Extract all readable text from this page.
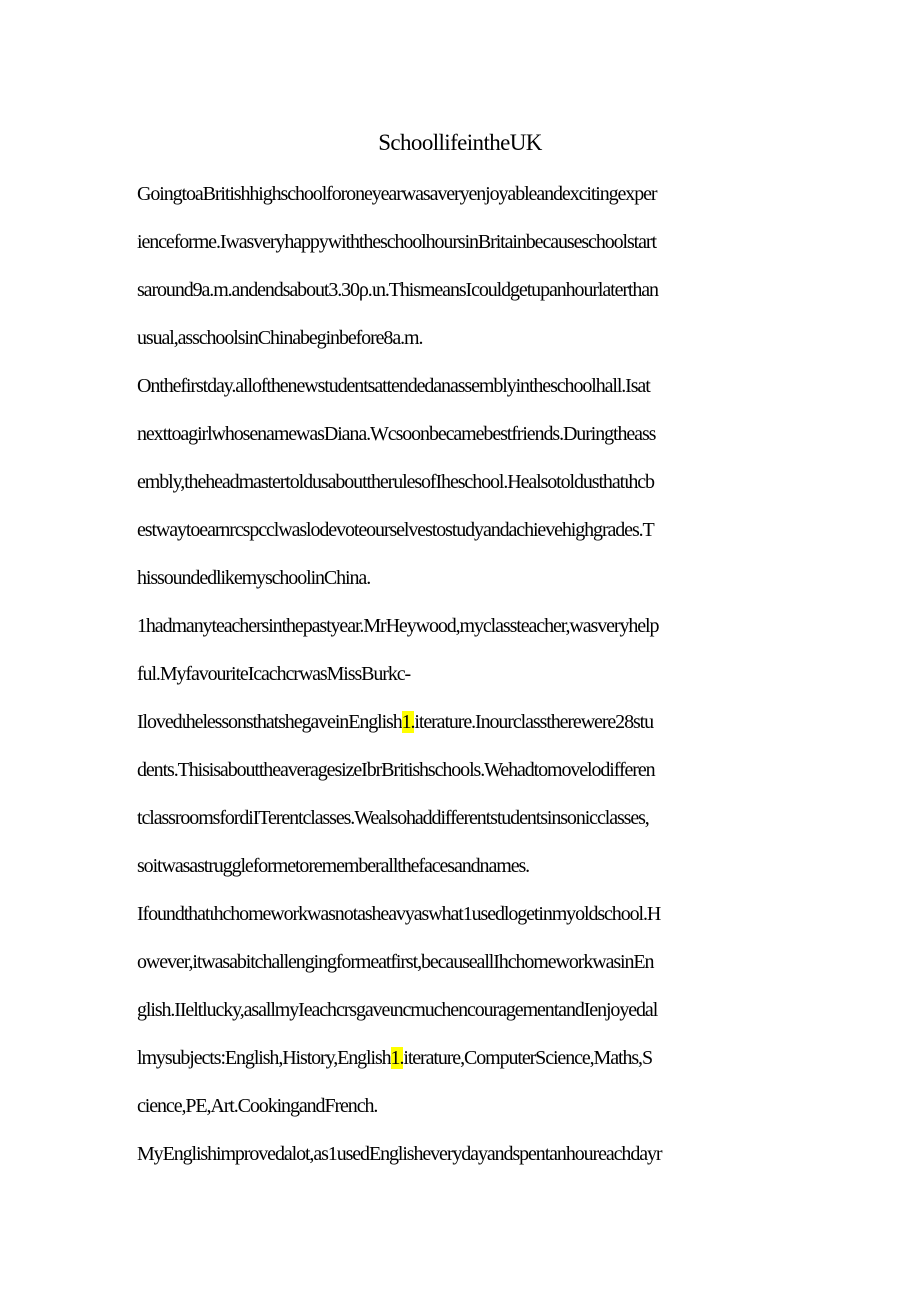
SchoollifeintheUK
GoingtoaBritishhighschoolforoneyearwasaveryenjoyableandexcitingexper
ienceforme.IwasveryhappywiththeschoolhoursinBritainbecauseschoolstart
saround9a.m.andendsabout3.30ρ.ιn.ThismeansIcouldgetupanhourlaterthan
usual,asschoolsinChinabeginbefore8a.m.
Onthefirstday.allofthenewstudentsattendedanassemblyintheschoolhall.Isat
nexttoagirlwhosenamewasDiana.Wcsoonbecamebestfriends.Duringtheass
embly,theheadmastertoldusabouttherulesofIheschool.Healsotoldusthatιhcb
estwaytoearnrcspcclwaslodevoteourselvestostudyandachievehighgrades.T
hissoundedlikemyschoolinChina.
1hadmanyteachersinthepastyear.MrHeywood,myclassteacher,wasveryhelp
ful.MyfavouriteIcachcrwasMissBurkc-
IlovedιhelessonsthatshegaveinEnglish1.iterature.Inourclasstherewere28stu
dents.ThisisabouttheaveragesizeIbrBritishschools.Wehadtomovelodifferen
tclassroomsfordiITerentclasses.Wealsohaddifferentstudentsinsonicclasses,
soitwasastruggleformetorememberallthefacesandnames.
Ifoundthatιhchomeworkwasnotasheavyaswhat1usedlogetinmyoldschool.H
owever,itwasabitchallengingformeatfirst,becauseallIhchomeworkwasinEn
glish.IIeltlucky,asallmyIeachcrsgaveιncmuchencouragementandIenjoyedal
lmysubjects:English,History,English1.iterature,ComputerScience,Maths,S
cience,PE,Art.CookingandFrench.
MyEnglishimprovedalot,as1usedEnglisheverydayandspentanhoureachdayr
